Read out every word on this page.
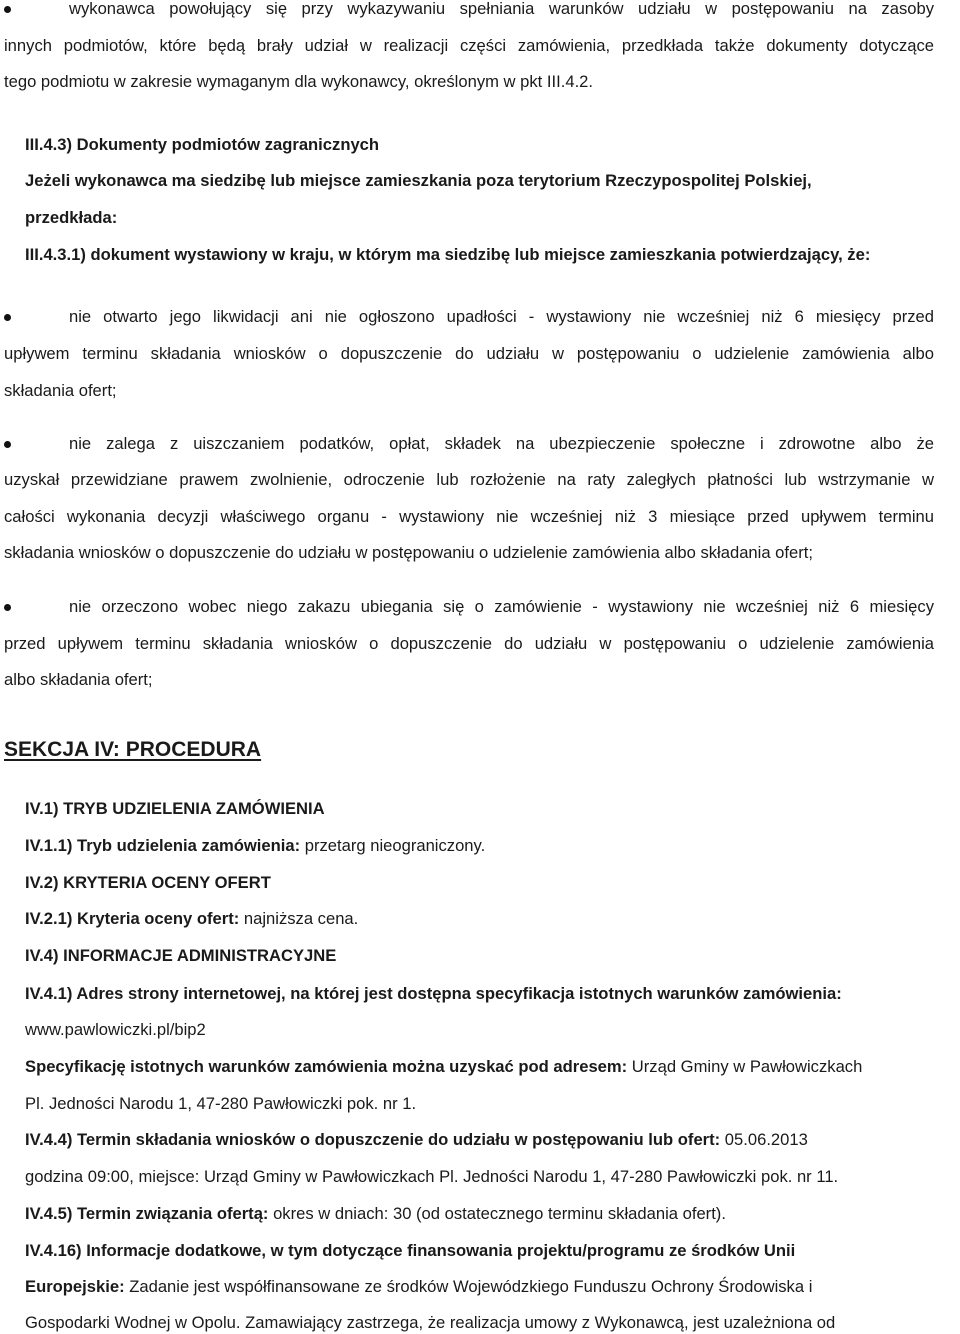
wykonawca powołujący się przy wykazywaniu spełniania warunków udziału w postępowaniu na zasoby
innych podmiotów, które będą brały udział w realizacji części zamówienia, przedkłada także dokumenty dotyczące
tego podmiotu w zakresie wymaganym dla wykonawcy, określonym w pkt III.4.2.
III.4.3) Dokumenty podmiotów zagranicznych
Jeżeli wykonawca ma siedzibę lub miejsce zamieszkania poza terytorium Rzeczypospolitej Polskiej,
przedkłada:
III.4.3.1) dokument wystawiony w kraju, w którym ma siedzibę lub miejsce zamieszkania potwierdzający, że:
nie otwarto jego likwidacji ani nie ogłoszono upadłości - wystawiony nie wcześniej niż 6 miesięcy przed
upływem terminu składania wniosków o dopuszczenie do udziału w postępowaniu o udzielenie zamówienia albo
składania ofert;
nie zalega z uiszczaniem podatków, opłat, składek na ubezpieczenie społeczne i zdrowotne albo że
uzyskał przewidziane prawem zwolnienie, odroczenie lub rozłożenie na raty zaległych płatności lub wstrzymanie w
całości wykonania decyzji właściwego organu - wystawiony nie wcześniej niż 3 miesiące przed upływem terminu
składania wniosków o dopuszczenie do udziału w postępowaniu o udzielenie zamówienia albo składania ofert;
nie orzeczono wobec niego zakazu ubiegania się o zamówienie - wystawiony nie wcześniej niż 6 miesięcy
przed upływem terminu składania wniosków o dopuszczenie do udziału w postępowaniu o udzielenie zamówienia
albo składania ofert;
SEKCJA IV: PROCEDURA
IV.1) TRYB UDZIELENIA ZAMÓWIENIA
IV.1.1) Tryb udzielenia zamówienia: przetarg nieograniczony.
IV.2) KRYTERIA OCENY OFERT
IV.2.1) Kryteria oceny ofert: najniższa cena.
IV.4) INFORMACJE ADMINISTRACYJNE
IV.4.1) Adres strony internetowej, na której jest dostępna specyfikacja istotnych warunków zamówienia:
www.pawlowiczki.pl/bip2
Specyfikację istotnych warunków zamówienia można uzyskać pod adresem: Urząd Gminy w Pawłowiczkach
Pl. Jedności Narodu 1, 47-280 Pawłowiczki pok. nr 1.
IV.4.4) Termin składania wniosków o dopuszczenie do udziału w postępowaniu lub ofert: 05.06.2013
godzina 09:00, miejsce: Urząd Gminy w Pawłowiczkach Pl. Jedności Narodu 1, 47-280 Pawłowiczki pok. nr 11.
IV.4.5) Termin związania ofertą: okres w dniach: 30 (od ostatecznego terminu składania ofert).
IV.4.16) Informacje dodatkowe, w tym dotyczące finansowania projektu/programu ze środków Unii
Europejskie: Zadanie jest współfinansowane ze środków Wojewódzkiego Funduszu Ochrony Środowiska i
Gospodarki Wodnej w Opolu. Zamawiający zastrzega, że realizacja umowy z Wykonawcą, jest uzależniona od
